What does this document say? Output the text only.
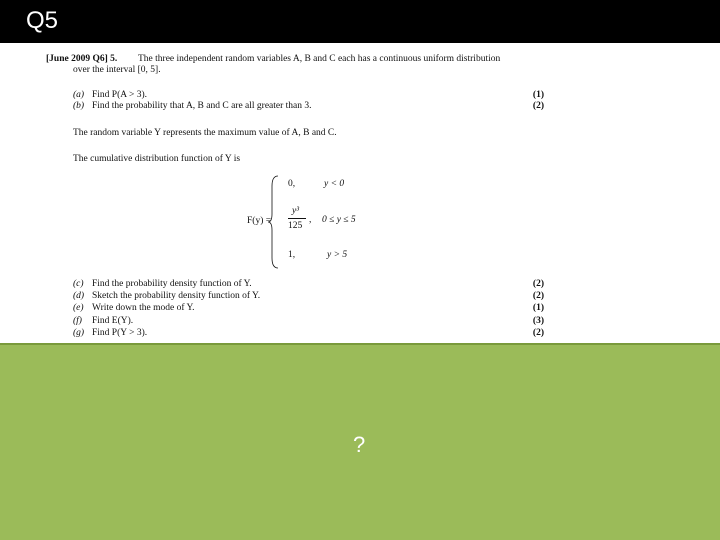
Q5
[June 2009 Q6] 5. The three independent random variables A, B and C each has a continuous uniform distribution
over the interval [0, 5].
(a) Find P(A > 3).	(1)
(b) Find the probability that A, B and C are all greater than 3.	(2)
The random variable Y represents the maximum value of A, B and C.
The cumulative distribution function of Y is
F(y) =
0,	y < 0
y³
125
, 0 ≤ y ≤ 5
1,	y > 5
(c) Find the probability density function of Y.	(2)
(d) Sketch the probability density function of Y.	(2)
(e) Write down the mode of Y.	(1)
(f) Find E(Y).	(3)
(g) Find P(Y > 3).	(2)
?
